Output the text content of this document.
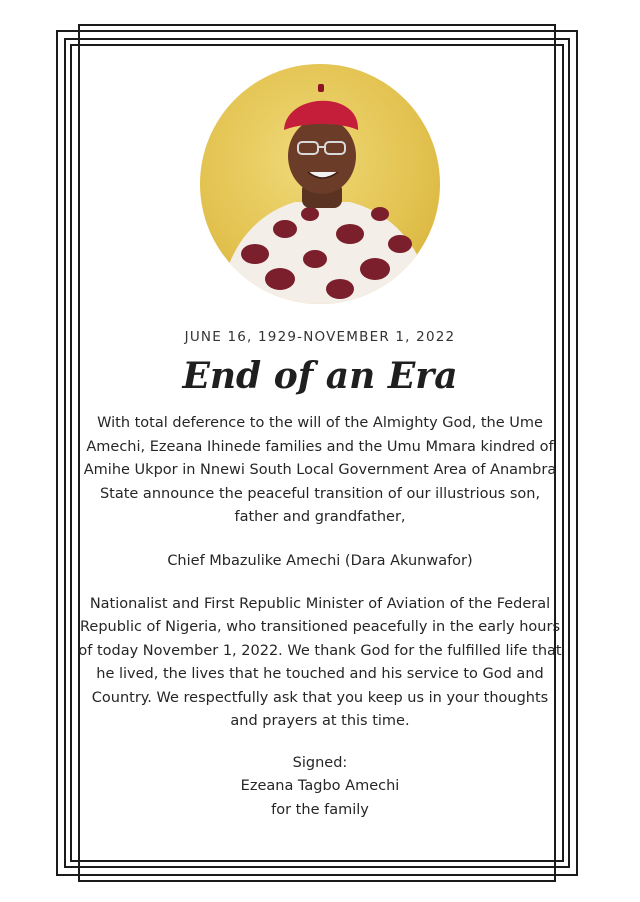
JUNE 16, 1929-NOVEMBER 1, 2022

End of an Era

With total deference to the will of the Almighty God, the Ume Amechi, Ezeana Ihinede families and the Umu Mmara kindred of Amihe Ukpor in Nnewi South Local Government Area of Anambra State announce the peaceful transition of our illustrious son, father and grandfather,

Chief Mbazulike Amechi (Dara Akunwafor)

Nationalist and First Republic Minister of Aviation of the Federal Republic of Nigeria, who transitioned peacefully in the early hours of today November 1, 2022. We thank God for the fulfilled life that he lived, the lives that he touched and his service to God and Country. We respectfully ask that you keep us in your thoughts and prayers at this time.

Signed:
Ezeana Tagbo Amechi
for the family
